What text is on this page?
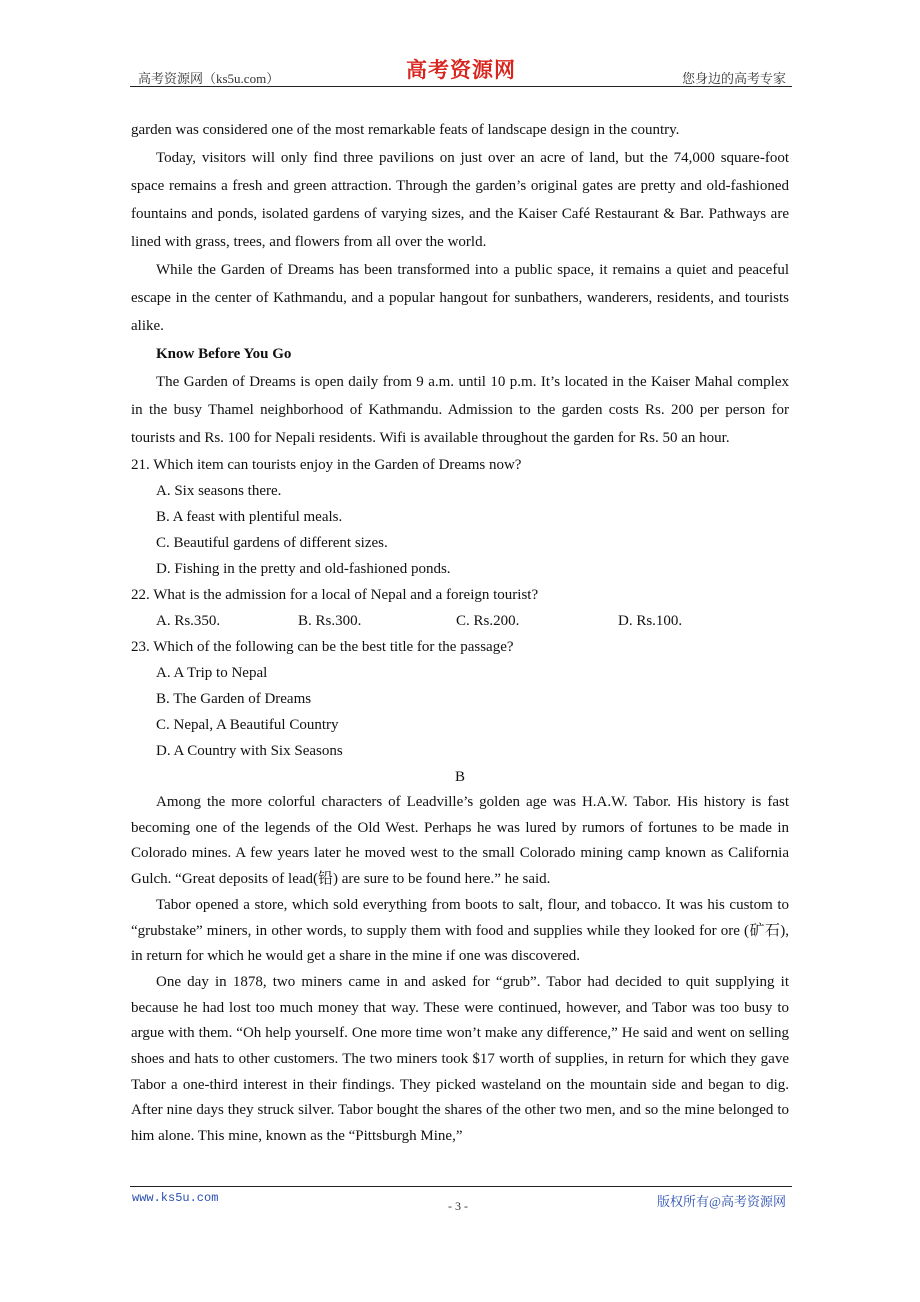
高考资源网（ks5u.com）	高考资源网	您身边的高考专家

garden was considered one of the most remarkable feats of landscape design in the country.

Today, visitors will only find three pavilions on just over an acre of land, but the 74,000 square-foot space remains a fresh and green attraction. Through the garden’s original gates are pretty and old-fashioned fountains and ponds, isolated gardens of varying sizes, and the Kaiser Café Restaurant & Bar. Pathways are lined with grass, trees, and flowers from all over the world.

While the Garden of Dreams has been transformed into a public space, it remains a quiet and peaceful escape in the center of Kathmandu, and a popular hangout for sunbathers, wanderers, residents, and tourists alike.

Know Before You Go

The Garden of Dreams is open daily from 9 a.m. until 10 p.m. It’s located in the Kaiser Mahal complex in the busy Thamel neighborhood of Kathmandu. Admission to the garden costs Rs. 200 per person for tourists and Rs. 100 for Nepali residents. Wifi is available throughout the garden for Rs. 50 an hour.

21. Which item can tourists enjoy in the Garden of Dreams now?

A. Six seasons there.

B. A feast with plentiful meals.

C. Beautiful gardens of different sizes.

D. Fishing in the pretty and old-fashioned ponds.

22. What is the admission for a local of Nepal and a foreign tourist?

A. Rs.350.	B. Rs.300.	C. Rs.200.	D. Rs.100.

23. Which of the following can be the best title for the passage?

A. A Trip to Nepal

B. The Garden of Dreams

C. Nepal, A Beautiful Country

D. A Country with Six Seasons

B

Among the more colorful characters of Leadville’s golden age was H.A.W. Tabor. His history is fast becoming one of the legends of the Old West. Perhaps he was lured by rumors of fortunes to be made in Colorado mines. A few years later he moved west to the small Colorado mining camp known as California Gulch. “Great deposits of lead(铅) are sure to be found here.” he said.

Tabor opened a store, which sold everything from boots to salt, flour, and tobacco. It was his custom to “grubstake” miners, in other words, to supply them with food and supplies while they looked for ore (矿石), in return for which he would get a share in the mine if one was discovered.

One day in 1878, two miners came in and asked for “grub”. Tabor had decided to quit supplying it because he had lost too much money that way. These were continued, however, and Tabor was too busy to argue with them. “Oh help yourself. One more time won’t make any difference,” He said and went on selling shoes and hats to other customers. The two miners took $17 worth of supplies, in return for which they gave Tabor a one-third interest in their findings. They picked wasteland on the mountain side and began to dig. After nine days they struck silver. Tabor bought the shares of the other two men, and so the mine belonged to him alone. This mine, known as the “Pittsburgh Mine,”

www.ks5u.com
- 3 -	版权所有@高考资源网
